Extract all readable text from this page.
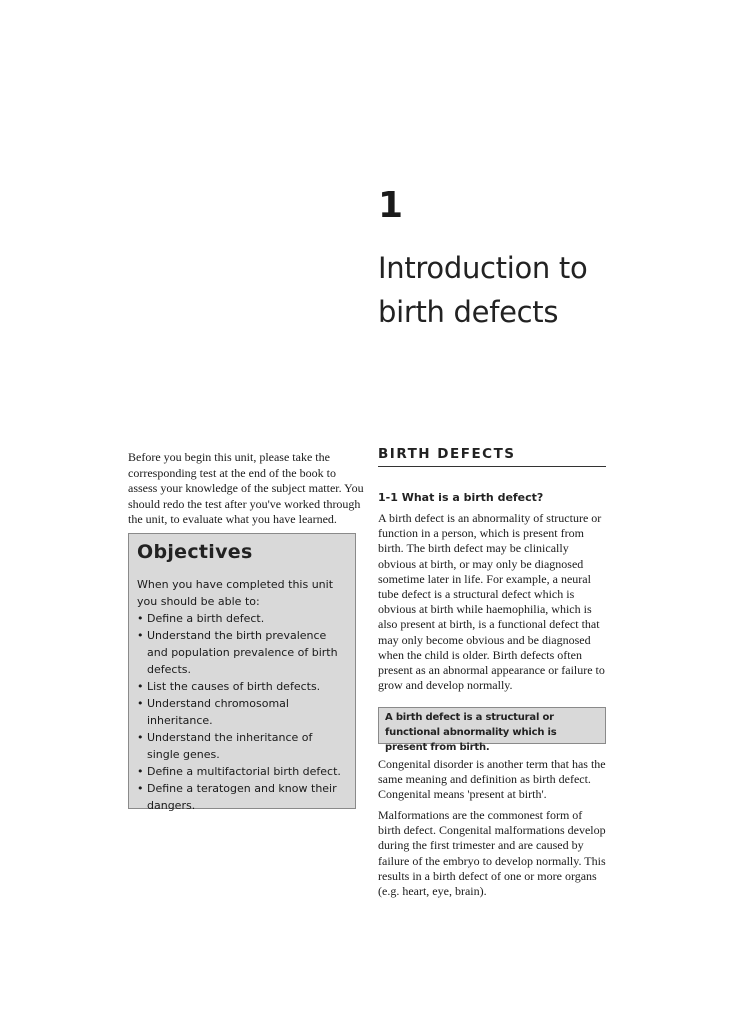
1
Introduction to
birth defects

Before you begin this unit, please take the corresponding test at the end of the book to assess your knowledge of the subject matter. You should redo the test after you've worked through the unit, to evaluate what you have learned.

Objectives

When you have completed this unit you should be able to:

• Define a birth defect.
• Understand the birth prevalence and population prevalence of birth defects.
• List the causes of birth defects.
• Understand chromosomal inheritance.
• Understand the inheritance of single genes.
• Define a multifactorial birth defect.
• Define a teratogen and know their dangers.
BIRTH DEFECTS
1-1 What is a birth defect?

A birth defect is an abnormality of structure or function in a person, which is present from birth. The birth defect may be clinically obvious at birth, or may only be diagnosed sometime later in life. For example, a neural tube defect is a structural defect which is obvious at birth while haemophilia, which is also present at birth, is a functional defect that may only become obvious and be diagnosed when the child is older. Birth defects often present as an abnormal appearance or failure to grow and develop normally.

A birth defect is a structural or functional abnormality which is present from birth.

Congenital disorder is another term that has the same meaning and definition as birth defect. Congenital means 'present at birth'.

Malformations are the commonest form of birth defect. Congenital malformations develop during the first trimester and are caused by failure of the embryo to develop normally. This results in a birth defect of one or more organs (e.g. heart, eye, brain).
